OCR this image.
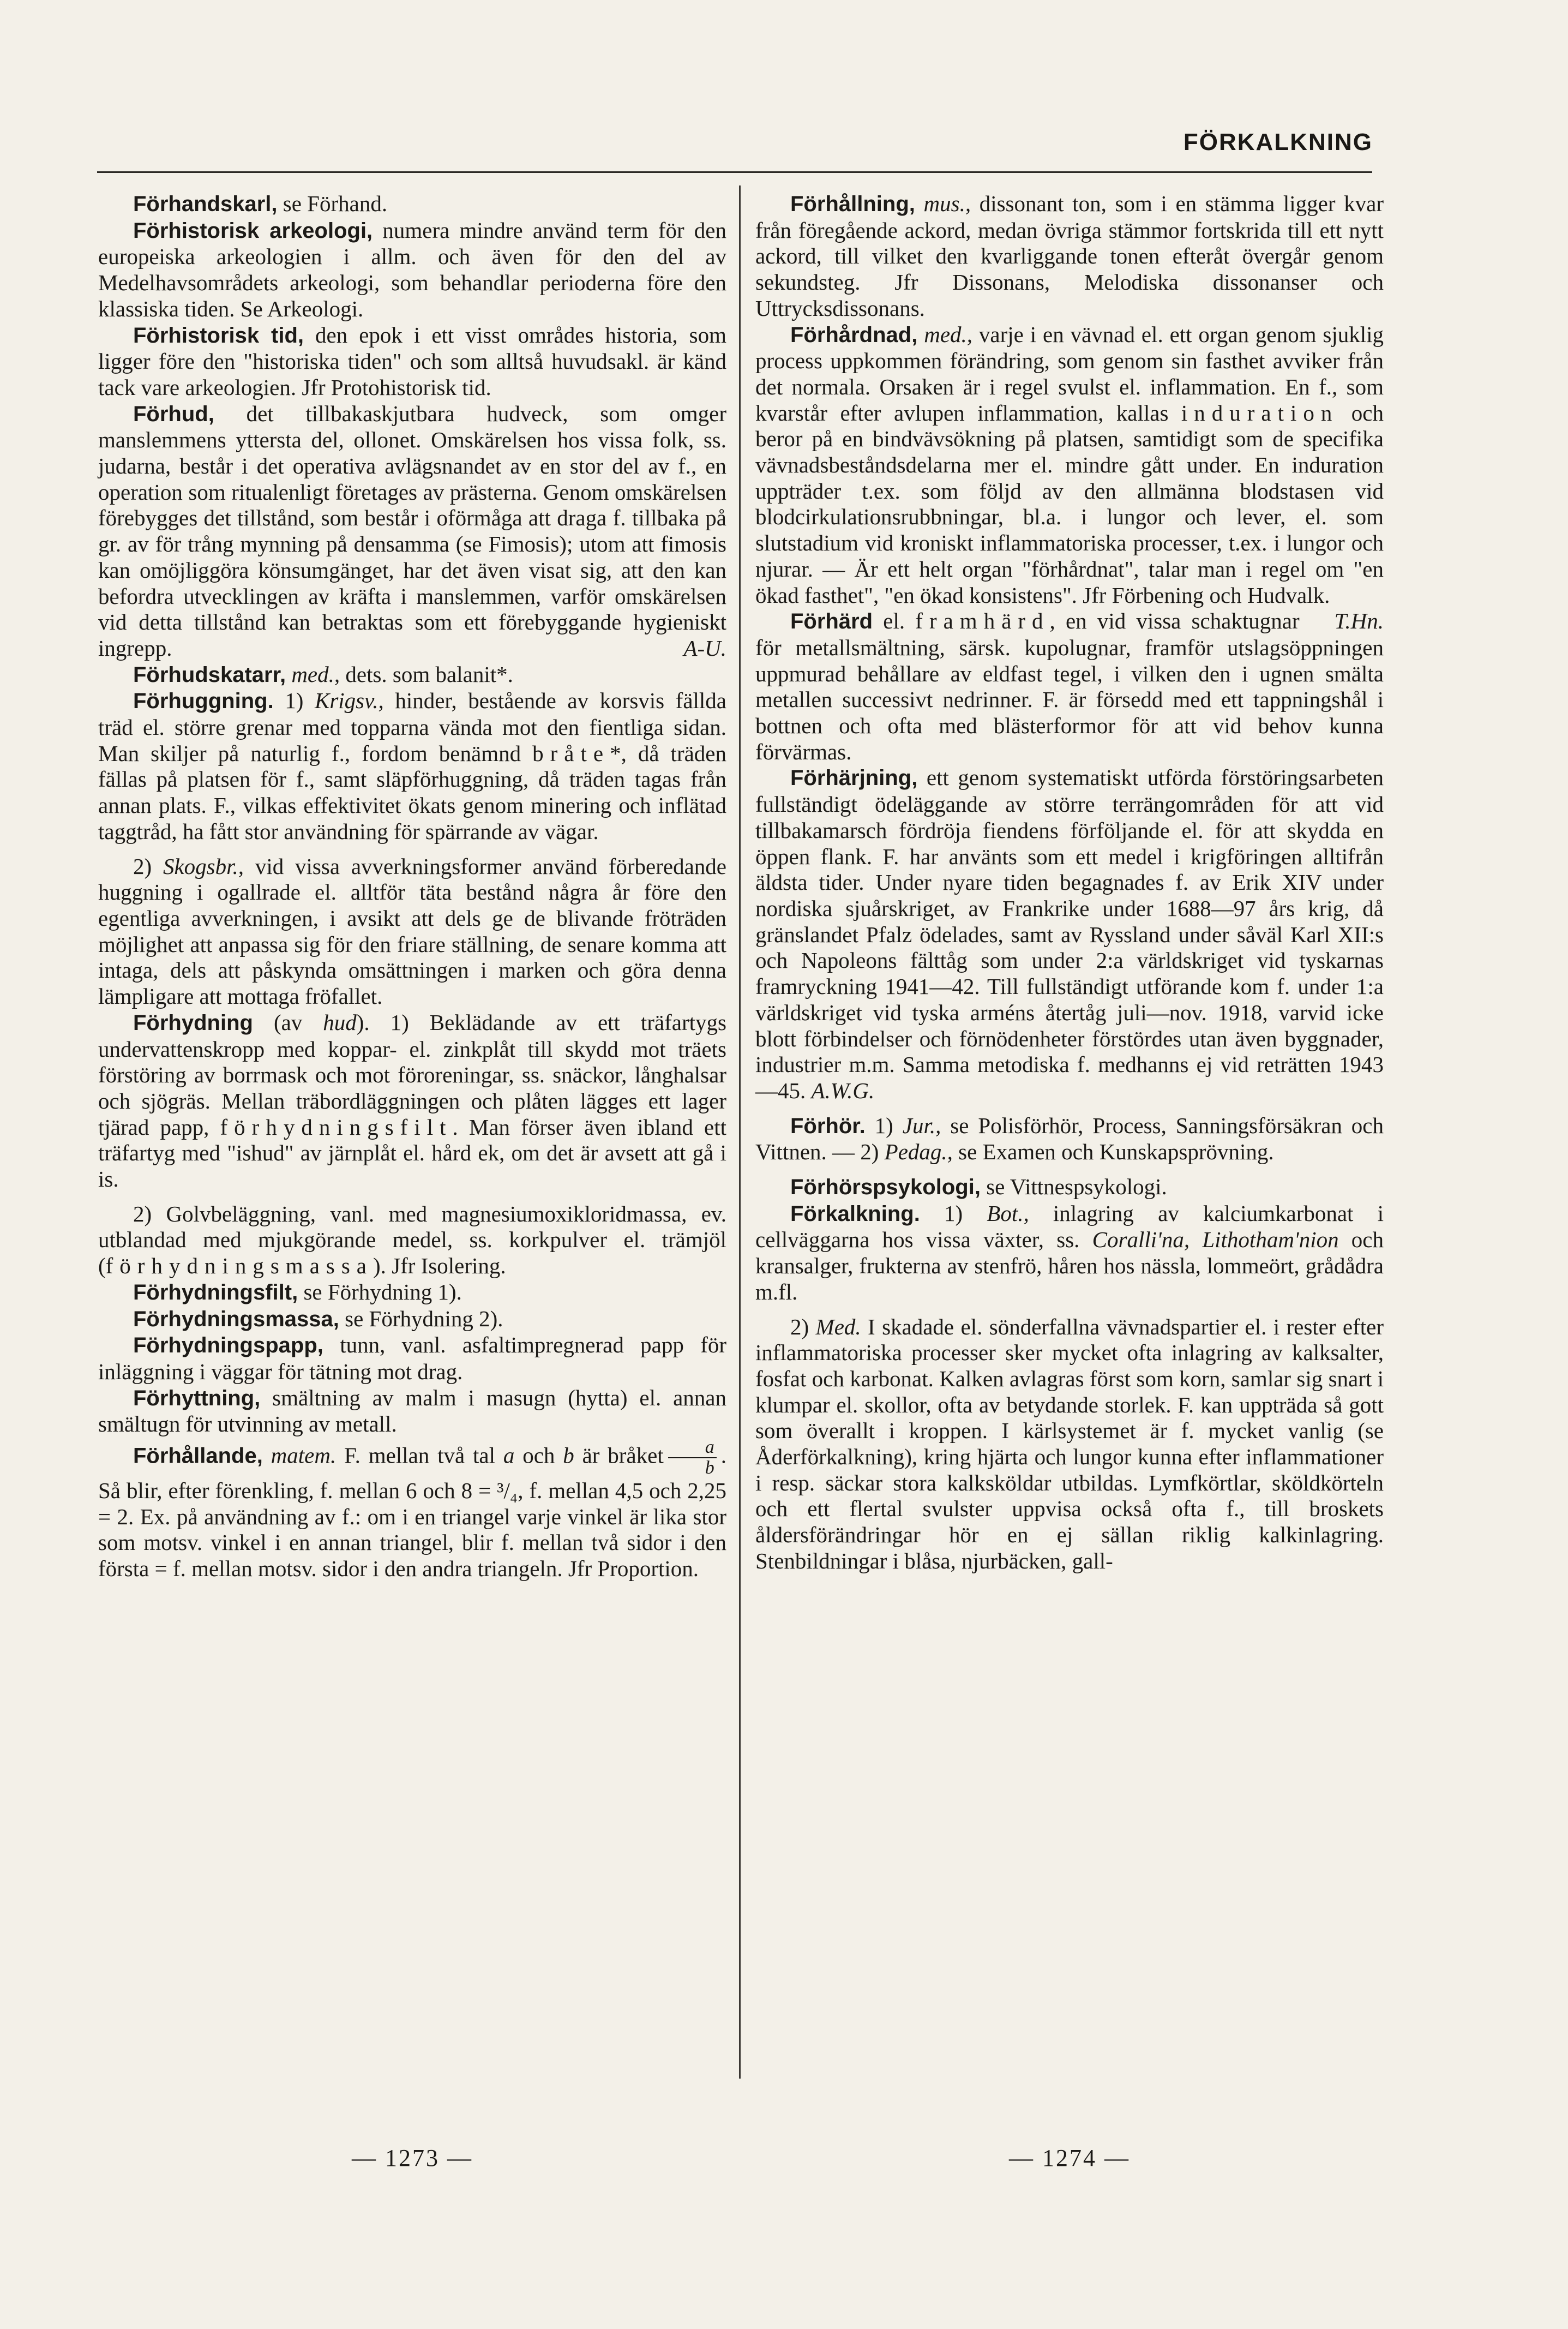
FÖRKALKNING

Förhandskarl, se Förhand.

Förhistorisk arkeologi, numera mindre använd term för den europeiska arkeologien i allm. och även för den del av Medelhavsområdets arkeologi, som behandlar perioderna före den klassiska tiden. Se Arkeologi.

Förhistorisk tid, den epok i ett visst områdes historia, som ligger före den "historiska tiden" och som alltså huvudsakl. är känd tack vare arkeologien. Jfr Protohistorisk tid.

Förhud, det tillbakaskjutbara hudveck, som omger manslemmens yttersta del, ollonet. Omskärelsen hos vissa folk, ss. judarna, består i det operativa avlägsnandet av en stor del av f., en operation som ritualenligt företages av prästerna. Genom omskärelsen förebygges det tillstånd, som består i oförmåga att draga f. tillbaka på gr. av för trång mynning på densamma (se Fimosis); utom att fimosis kan omöjliggöra könsumgänget, har det även visat sig, att den kan befordra utvecklingen av kräfta i manslemmen, varför omskärelsen vid detta tillstånd kan betraktas som ett förebyggande hygieniskt ingrepp.	A-U.

Förhudskatarr, med., dets. som balanit*.

Förhuggning. 1) Krigsv., hinder, bestående av korsvis fällda träd el. större grenar med topparna vända mot den fientliga sidan. Man skiljer på naturlig f., fordom benämnd bråte*, då träden fällas på platsen för f., samt släpförhuggning, då träden tagas från annan plats. F., vilkas effektivitet ökats genom minering och inflätad taggtråd, ha fått stor användning för spärrande av vägar.

2) Skogsbr., vid vissa avverkningsformer använd förberedande huggning i ogallrade el. alltför täta bestånd några år före den egentliga avverkningen, i avsikt att dels ge de blivande fröträden möjlighet att anpassa sig för den friare ställning, de senare komma att intaga, dels att påskynda omsättningen i marken och göra denna lämpligare att mottaga fröfallet.

Förhydning (av hud). 1) Beklädande av ett träfartygs undervattenskropp med koppar- el. zinkplåt till skydd mot träets förstöring av borrmask och mot föroreningar, ss. snäckor, långhalsar och sjögräs. Mellan träbordläggningen och plåten lägges ett lager tjärad papp, förhydningsfilt. Man förser även ibland ett träfartyg med "ishud" av järnplåt el. hård ek, om det är avsett att gå i is.

2) Golvbeläggning, vanl. med magnesiumoxikloridmassa, ev. utblandad med mjukgörande medel, ss. korkpulver el. trämjöl (förhydningsmassa). Jfr Isolering.

Förhydningsfilt, se Förhydning 1).

Förhydningsmassa, se Förhydning 2).

Förhydningspapp, tunn, vanl. asfaltimpregnerad papp för inläggning i väggar för tätning mot drag.

Förhyttning, smältning av malm i masugn (hytta) el. annan smältugn för utvinning av metall.

Förhållande, matem. F. mellan två tal a och b är bråket $\frac{a}{b}$ . Så blir, efter förenkling, f. mellan 6 och 8 = ³/₄, f. mellan 4,5 och 2,25 = 2. Ex. på användning av f.: om i en triangel varje vinkel är lika stor som motsv. vinkel i en annan triangel, blir f. mellan två sidor i den första = f. mellan motsv. sidor i den andra triangeln. Jfr Proportion.

Förhållning, mus., dissonant ton, som i en stämma ligger kvar från föregående ackord, medan övriga stämmor fortskrida till ett nytt ackord, till vilket den kvarliggande tonen efteråt övergår genom sekundsteg. Jfr Dissonans, Melodiska dissonanser och Uttrycksdissonans.

Förhårdnad, med., varje i en vävnad el. ett organ genom sjuklig process uppkommen förändring, som genom sin fasthet avviker från det normala. Orsaken är i regel svulst el. inflammation. En f., som kvarstår efter avlupen inflammation, kallas induration och beror på en bindvävsökning på platsen, samtidigt som de specifika vävnadsbeståndsdelarna mer el. mindre gått under. En induration uppträder t.ex. som följd av den allmänna blodstasen vid blodcirkulationsrubbningar, bl.a. i lungor och lever, el. som slutstadium vid kroniskt inflammatoriska processer, t.ex. i lungor och njurar. — Är ett helt organ "förhårdnat", talar man i regel om "en ökad fasthet", "en ökad konsistens". Jfr Förbening och Hudvalk.
T.Hn.

Förhärd el. framhärd, en vid vissa schaktugnar för metallsmältning, särsk. kupolugnar, framför utslagsöppningen uppmurad behållare av eldfast tegel, i vilken den i ugnen smälta metallen successivt nedrinner. F. är försedd med ett tappningshål i bottnen och ofta med blästerformor för att vid behov kunna förvärmas.

Förhärjning, ett genom systematiskt utförda förstöringsarbeten fullständigt ödeläggande av större terrängområden för att vid tillbakamarsch fördröja fiendens förföljande el. för att skydda en öppen flank. F. har använts som ett medel i krigföringen alltifrån äldsta tider. Under nyare tiden begagnades f. av Erik XIV under nordiska sjuårskriget, av Frankrike under 1688—97 års krig, då gränslandet Pfalz ödelades, samt av Ryssland under såväl Karl XII:s och Napoleons fälttåg som under 2:a världskriget vid tyskarnas framryckning 1941—42. Till fullständigt utförande kom f. under 1:a världskriget vid tyska arméns återtåg juli—nov. 1918, varvid icke blott förbindelser och förnödenheter förstördes utan även byggnader, industrier m.m. Samma metodiska f. medhanns ej vid reträtten 1943—45. A.W.G.

Förhör. 1) Jur., se Polisförhör, Process, Sanningsförsäkran och Vittnen. — 2) Pedag., se Examen och Kunskapsprövning.

Förhörspsykologi, se Vittnespsykologi.

Förkalkning. 1) Bot., inlagring av kalciumkarbonat i cellväggarna hos vissa växter, ss. Coralli'na, Lithotham'nion och kransalger, frukterna av stenfrö, håren hos nässla, lommeört, grådådra m.fl.

2) Med. I skadade el. sönderfallna vävnadspartier el. i rester efter inflammatoriska processer sker mycket ofta inlagring av kalksalter, fosfat och karbonat. Kalken avlagras först som korn, samlar sig snart i klumpar el. skollor, ofta av betydande storlek. F. kan uppträda så gott som överallt i kroppen. I kärlsystemet är f. mycket vanlig (se Åderförkalkning), kring hjärta och lungor kunna efter inflammationer i resp. säckar stora kalksköldar utbildas. Lymfkörtlar, sköldkörteln och ett flertal svulster uppvisa också ofta f., till broskets åldersförändringar hör en ej sällan riklig kalkinlagring. Stenbildningar i blåsa, njurbäcken, gall-

— 1273 —	— 1274 —
